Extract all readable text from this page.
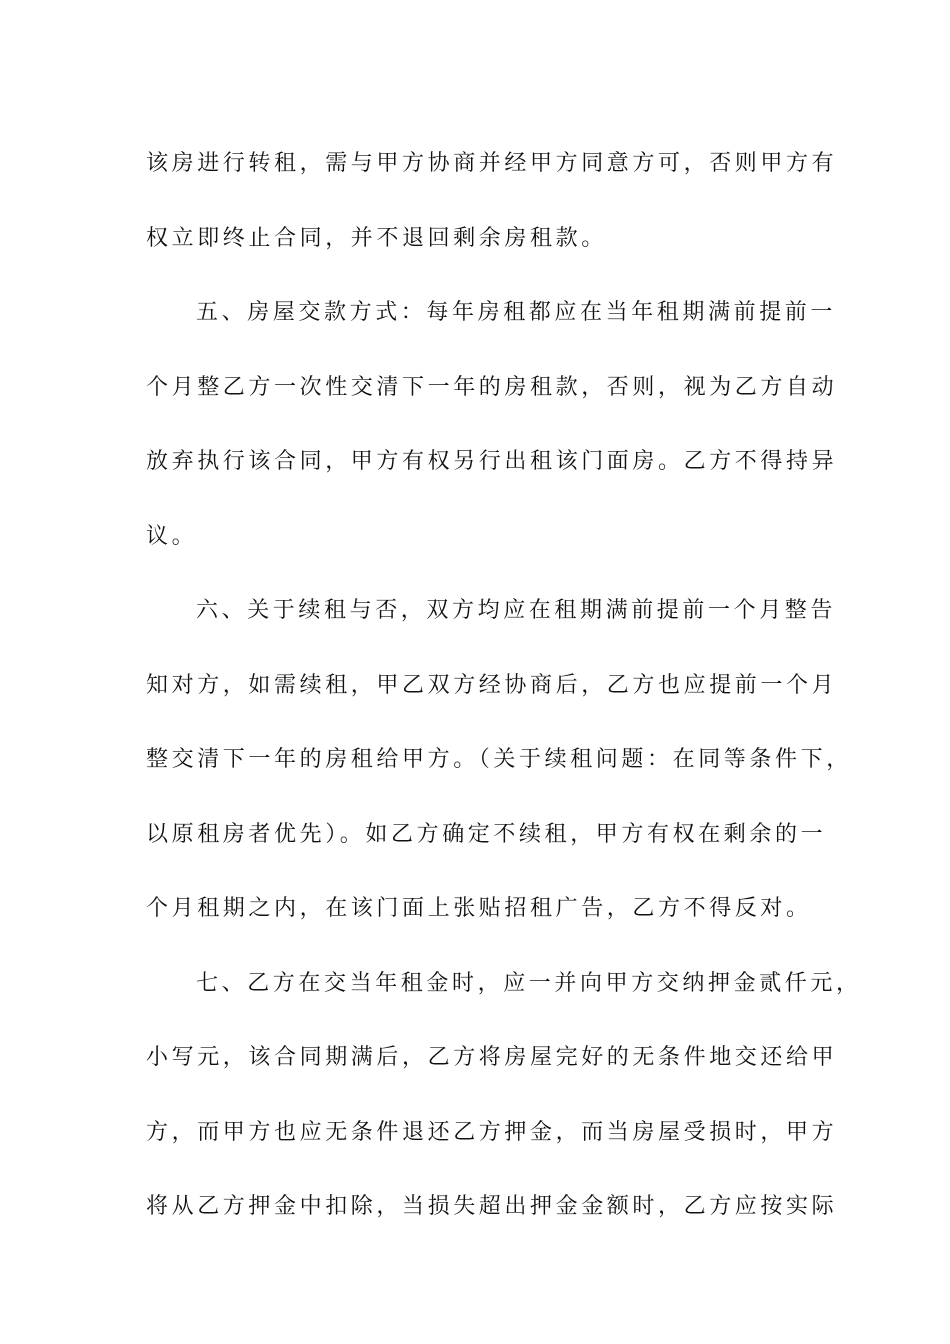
该房进行转租，需与甲方协商并经甲方同意方可，否则甲方有
权立即终止合同，并不退回剩余房租款。
五、房屋交款方式：每年房租都应在当年租期满前提前一
个月整乙方一次性交清下一年的房租款，否则，视为乙方自动
放弃执行该合同，甲方有权另行出租该门面房。乙方不得持异
议。
六、关于续租与否，双方均应在租期满前提前一个月整告
知对方，如需续租，甲乙双方经协商后，乙方也应提前一个月
整交清下一年的房租给甲方。（关于续租问题：在同等条件下，
以原租房者优先）。如乙方确定不续租，甲方有权在剩余的一
个月租期之内，在该门面上张贴招租广告，乙方不得反对。
七、乙方在交当年租金时，应一并向甲方交纳押金贰仟元，
小写元，该合同期满后，乙方将房屋完好的无条件地交还给甲
方，而甲方也应无条件退还乙方押金，而当房屋受损时，甲方
将从乙方押金中扣除，当损失超出押金金额时，乙方应按实际
